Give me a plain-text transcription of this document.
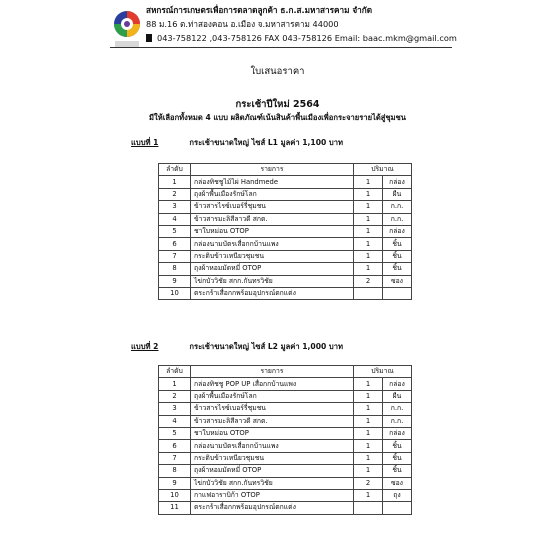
สหกรณ์การเกษตรเพื่อการตลาดลูกค้า ธ.ก.ส.มหาสารคาม จำกัด
88 ม.16 ต.ท่าสองคอน อ.เมือง จ.มหาสารคาม 44000
043-758122 ,043-758126 FAX 043-758126 Email: baac.mkm@gmail.com
ใบเสนอราคา
กระเช้าปีใหม่ 2564
มีให้เลือกทั้งหมด 4 แบบ ผลิตภัณฑ์เน้นสินค้าพื้นเมืองเพื่อกระจายรายได้สู่ชุมชน
แบบที่ 1	กระเช้าขนาดใหญ่ ไซส์ L1 มูลค่า 1,100 บาท
ลำดับ	รายการ	ปริมาณ	
1	กล่องทิชชูไม้ไผ่ Handmede	1	กล่อง
2	ถุงผ้าพื้นเมืองรักษ์โลก	1	ผืน
3	ข้าวสารไรซ์เบอร์รี่ชุมชน	1	ก.ก.
4	ข้าวสารมะลิสีลาวดี สกต.	1	ก.ก.
5	ชาใบหม่อน OTOP	1	กล่อง
6	กล่องนามบัตรเสื่อกกบ้านแพง	1	ชิ้น
7	กระติบข้าวเหนียวชุมชน	1	ชิ้น
8	ถุงผ้าหอมมัดหมี่ OTOP	1	ชิ้น
9	ไข่กบัววิชัย สกก.กันทรวิชัย	2	ซอง
10	ตระกร้าเสื่อกกพร้อมอุปกรณ์ตกแต่ง		
แบบที่ 2	กระเช้าขนาดใหญ่ ไซส์ L2 มูลค่า 1,000 บาท
ลำดับ	รายการ	ปริมาณ	
1	กล่องทิชชู POP UP เสื่อกกบ้านแพง	1	กล่อง
2	ถุงผ้าพื้นเมืองรักษ์โลก	1	ผืน
3	ข้าวสารไรซ์เบอร์รี่ชุมชน	1	ก.ก.
4	ข้าวสารมะลิสีลาวดี สกต.	1	ก.ก.
5	ชาใบหม่อน OTOP	1	กล่อง
6	กล่องนามบัตรเสื่อกกบ้านแพง	1	ชิ้น
7	กระติบข้าวเหนียวชุมชน	1	ชิ้น
8	ถุงผ้าหอมมัดหมี่ OTOP	1	ชิ้น
9	ไข่กบัววิชัย สกก.กันทรวิชัย	2	ซอง
10	กาแฟอาราบิก้า OTOP	1	ถุง
11	ตระกร้าเสื่อกกพร้อมอุปกรณ์ตกแต่ง		
